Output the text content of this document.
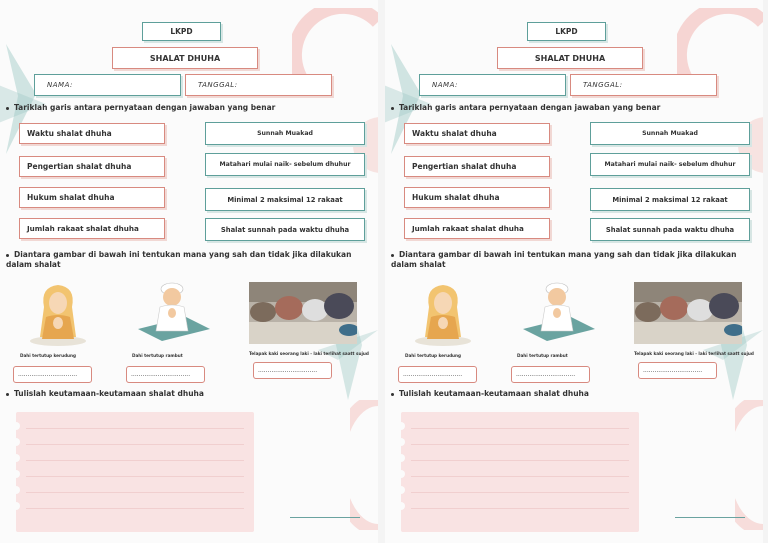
LKPD
SHALAT DHUHA
NAMA:	TANGGAL:
Tariklah garis antara pernyataan dengan jawaban yang benar
Waktu shalat dhuha
Pengertian shalat dhuha
Hukum shalat dhuha
Jumlah rakaat shalat dhuha
Sunnah Muakad
Matahari mulai naik- sebelum dhuhur
Minimal 2 maksimal 12 rakaat
Shalat sunnah pada waktu dhuha
Diantara gambar di bawah ini tentukan mana yang sah dan tidak jika dilakukan dalam shalat
Dahi tertutup kerudung	Dahi tertutup rambut	Telapak kaki seorang laki - laki terlihat saatt sujud
...............................	...............................
...............................
Tulislah keutamaan-keutamaan shalat dhuha
LKPD
SHALAT DHUHA
NAMA:	TANGGAL:
Tariklah garis antara pernyataan dengan jawaban yang benar
Waktu shalat dhuha
Pengertian shalat dhuha
Hukum shalat dhuha
Jumlah rakaat shalat dhuha
Sunnah Muakad
Matahari mulai naik- sebelum dhuhur
Minimal 2 maksimal 12 rakaat
Shalat sunnah pada waktu dhuha
Diantara gambar di bawah ini tentukan mana yang sah dan tidak jika dilakukan dalam shalat
Dahi tertutup kerudung	Dahi tertutup rambut	Telapak kaki seorang laki - laki terlihat saatt sujud
...............................	...............................
...............................
Tulislah keutamaan-keutamaan shalat dhuha
